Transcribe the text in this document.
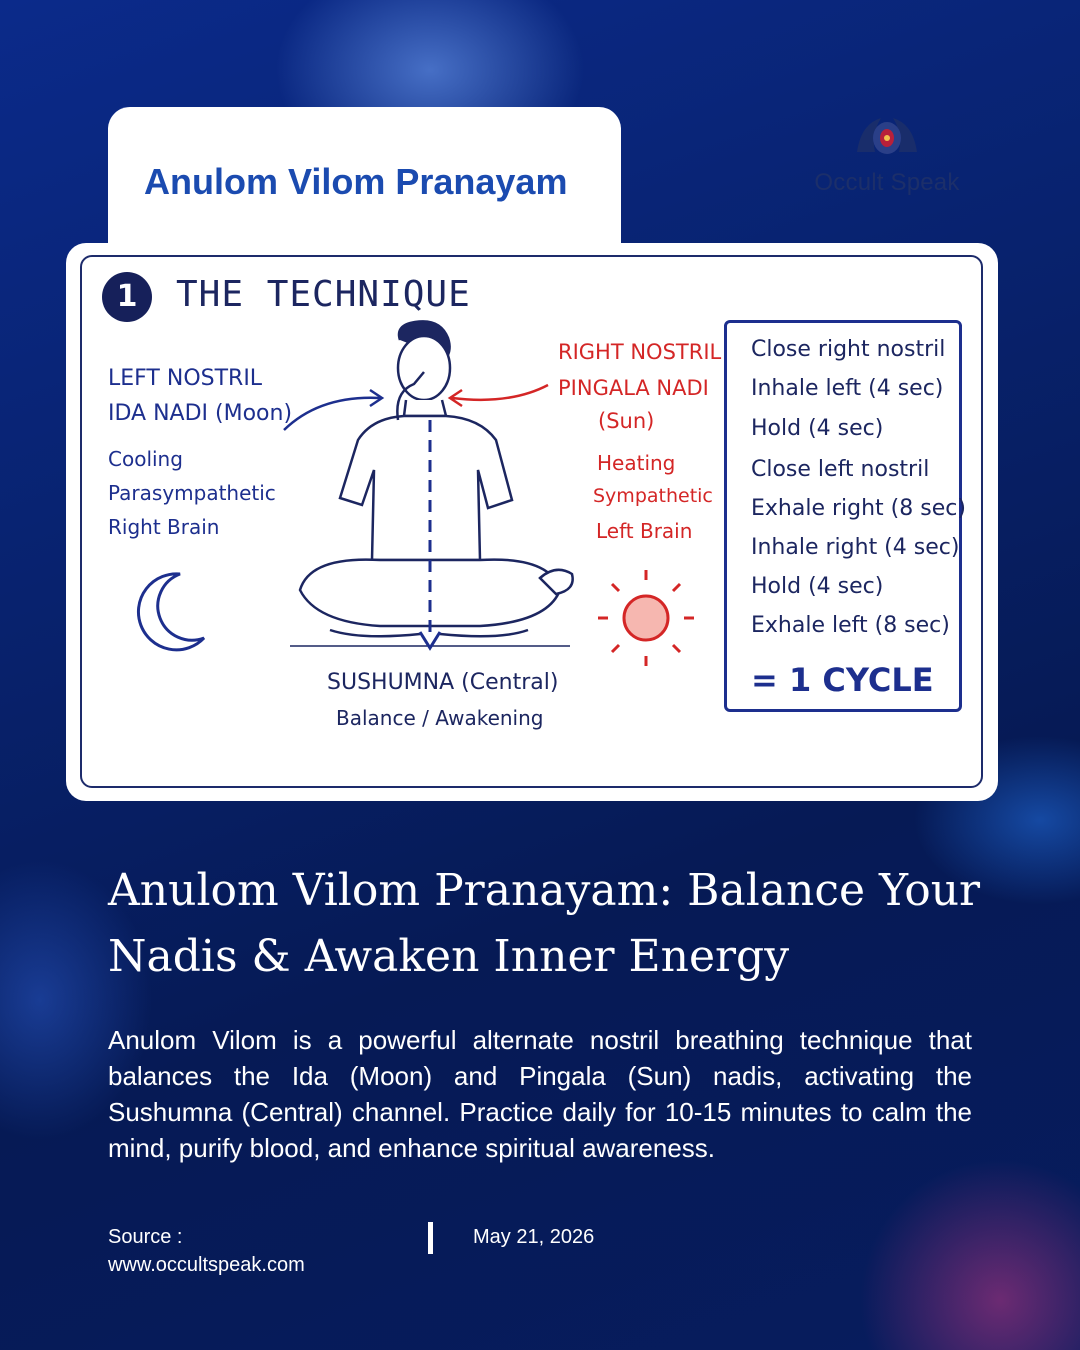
Occult Speak
Anulom Vilom Pranayam
1	THE TECHNIQUE
LEFT NOSTRIL
IDA NADI (Moon)
Cooling
Parasympathetic
Right Brain
RIGHT NOSTRIL
PINGALA NADI
(Sun)
Heating
Sympathetic
Left Brain
SUSHUMNA (Central)
Balance / Awakening
Close right nostril
Inhale left (4 sec)
Hold (4 sec)
Close left nostril
Exhale right (8 sec)
Inhale right (4 sec)
Hold (4 sec)
Exhale left (8 sec)
= 1 CYCLE
Anulom Vilom Pranayam: Balance Your Nadis & Awaken Inner Energy
Anulom Vilom is a powerful alternate nostril breathing technique that balances the Ida (Moon) and Pingala (Sun) nadis, activating the Sushumna (Central) channel. Practice daily for 10-15 minutes to calm the mind, purify blood, and enhance spiritual awareness.
Source :
www.occultspeak.com
May 21, 2026
